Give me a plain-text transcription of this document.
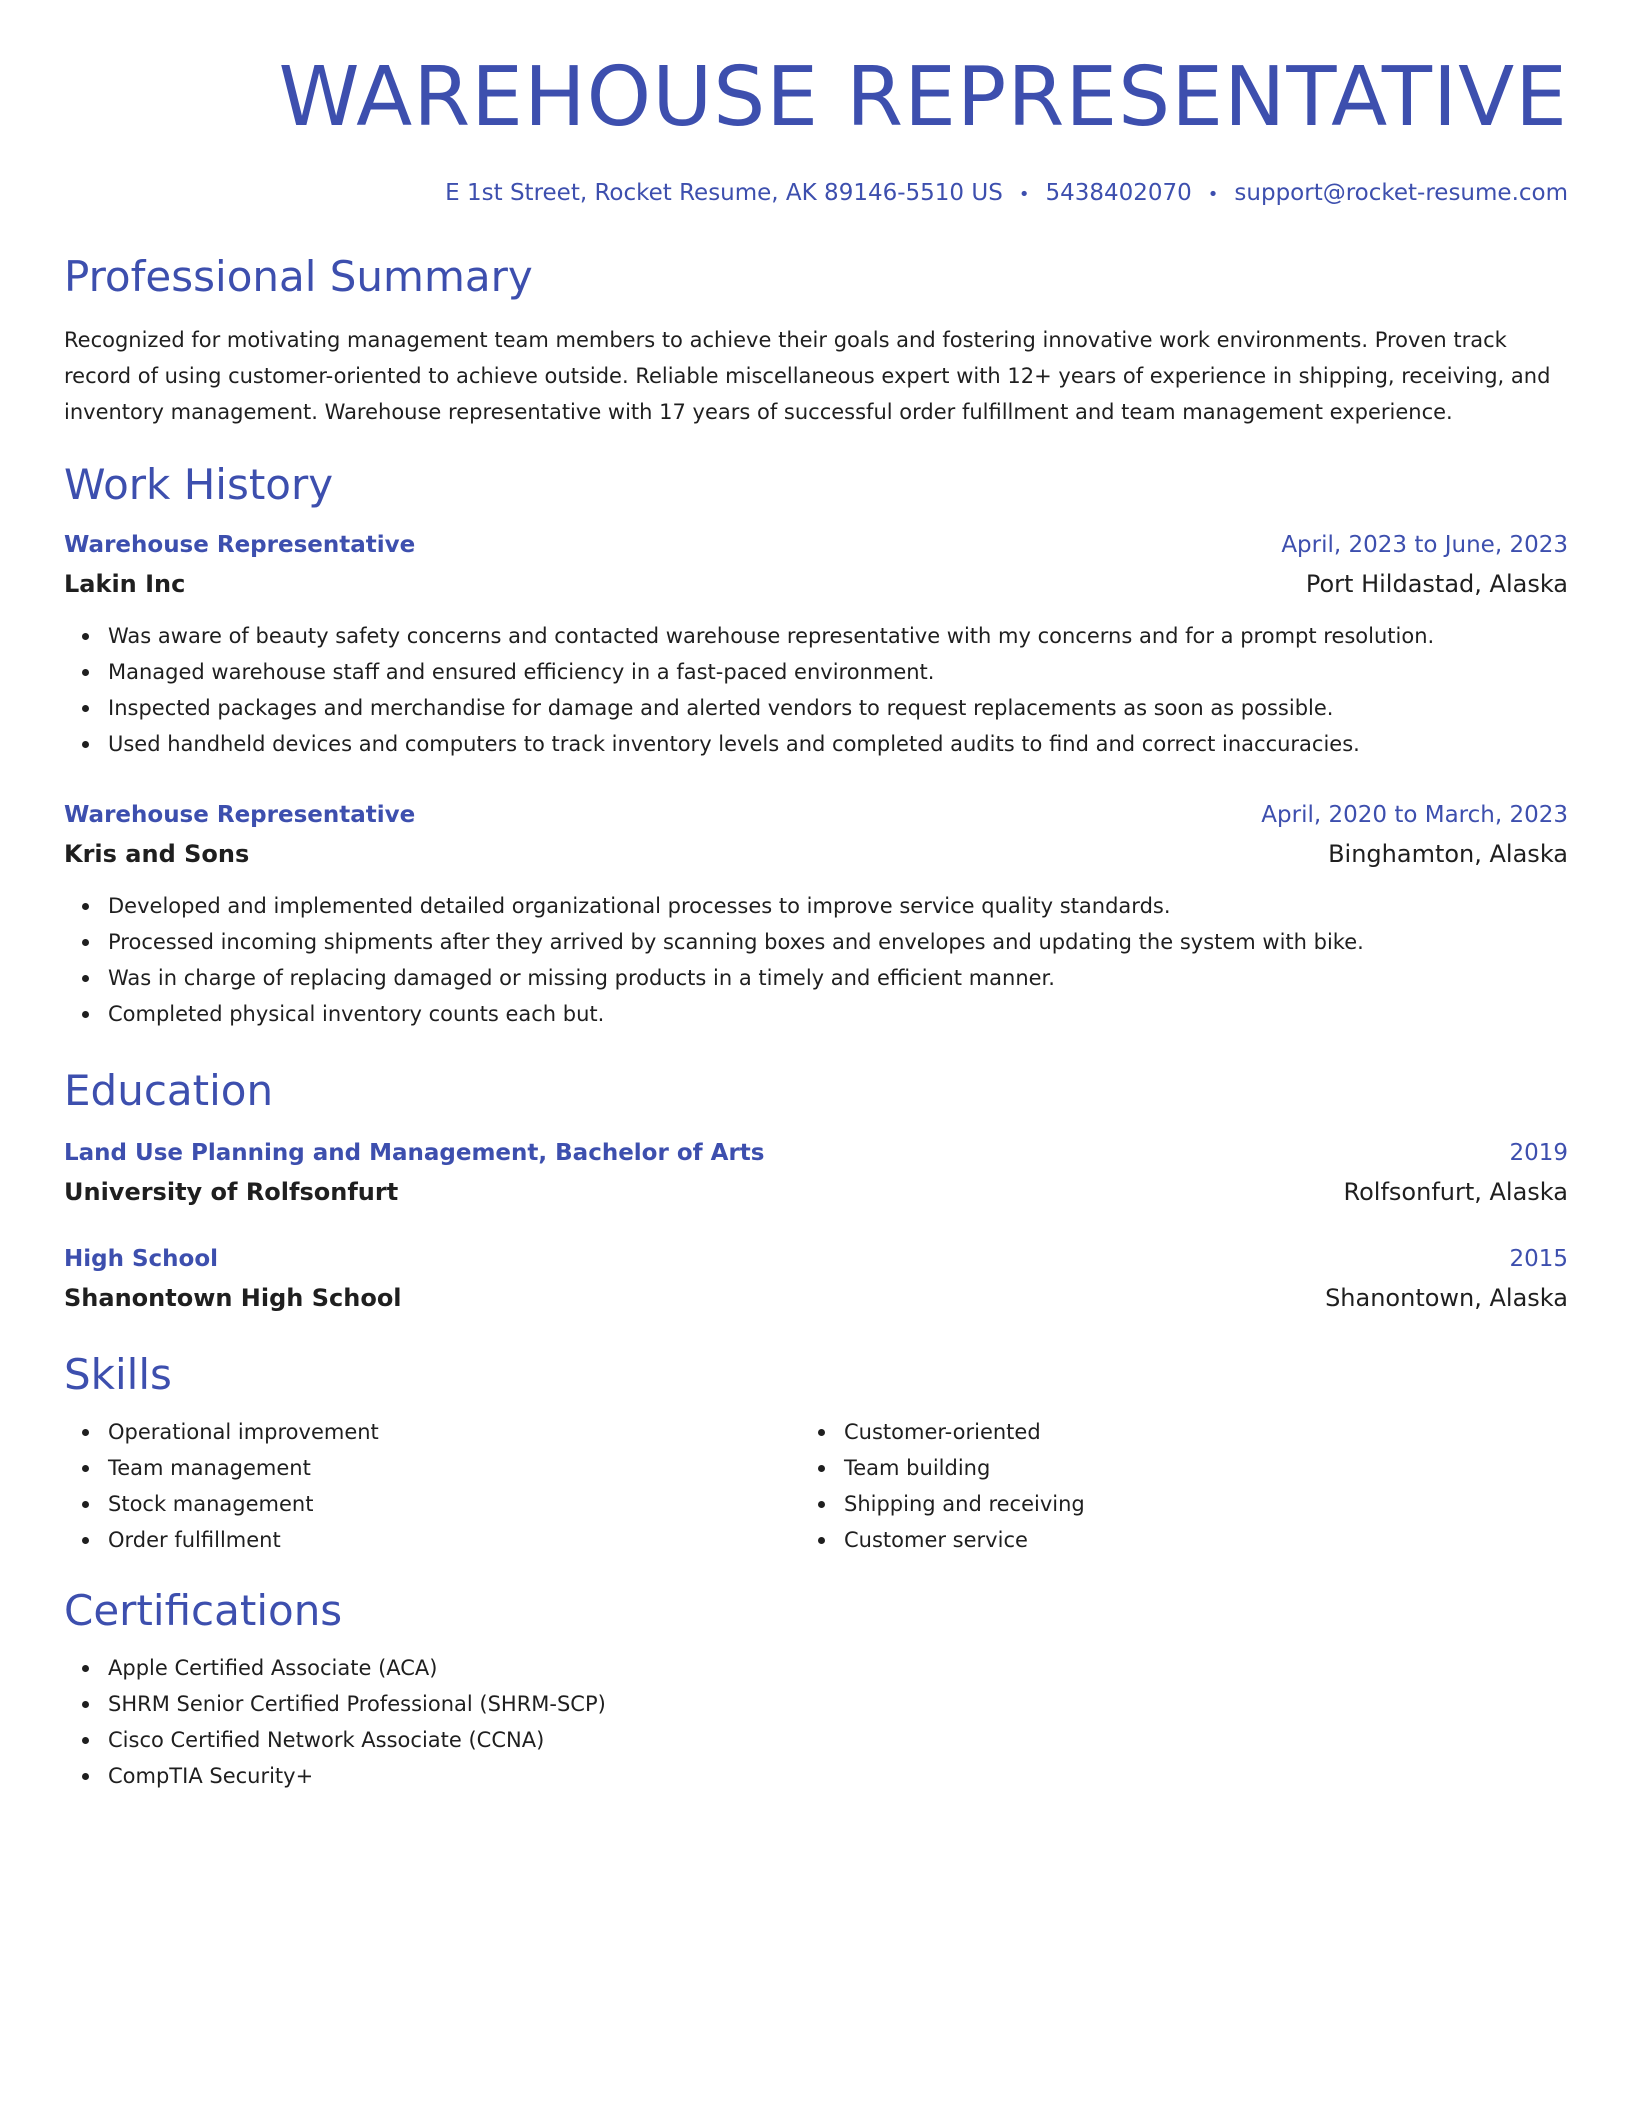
WAREHOUSE REPRESENTATIVE
E 1st Street, Rocket Resume, AK 89146-5510 US • 5438402070 • support@rocket-resume.com
Professional Summary
Recognized for motivating management team members to achieve their goals and fostering innovative work environments. Proven track record of using customer-oriented to achieve outside. Reliable miscellaneous expert with 12+ years of experience in shipping, receiving, and inventory management. Warehouse representative with 17 years of successful order fulfillment and team management experience.
Work History
Warehouse Representative	April, 2023 to June, 2023
Lakin Inc	Port Hildastad, Alaska
Was aware of beauty safety concerns and contacted warehouse representative with my concerns and for a prompt resolution.
Managed warehouse staff and ensured efficiency in a fast-paced environment.
Inspected packages and merchandise for damage and alerted vendors to request replacements as soon as possible.
Used handheld devices and computers to track inventory levels and completed audits to find and correct inaccuracies.
Warehouse Representative	April, 2020 to March, 2023
Kris and Sons	Binghamton, Alaska
Developed and implemented detailed organizational processes to improve service quality standards.
Processed incoming shipments after they arrived by scanning boxes and envelopes and updating the system with bike.
Was in charge of replacing damaged or missing products in a timely and efficient manner.
Completed physical inventory counts each but.
Education
Land Use Planning and Management, Bachelor of Arts	2019
University of Rolfsonfurt	Rolfsonfurt, Alaska
High School	2015
Shanontown High School	Shanontown, Alaska
Skills
Operational improvement
Team management
Stock management
Order fulfillment
Customer-oriented
Team building
Shipping and receiving
Customer service
Certifications
Apple Certified Associate (ACA)
SHRM Senior Certified Professional (SHRM-SCP)
Cisco Certified Network Associate (CCNA)
CompTIA Security+
